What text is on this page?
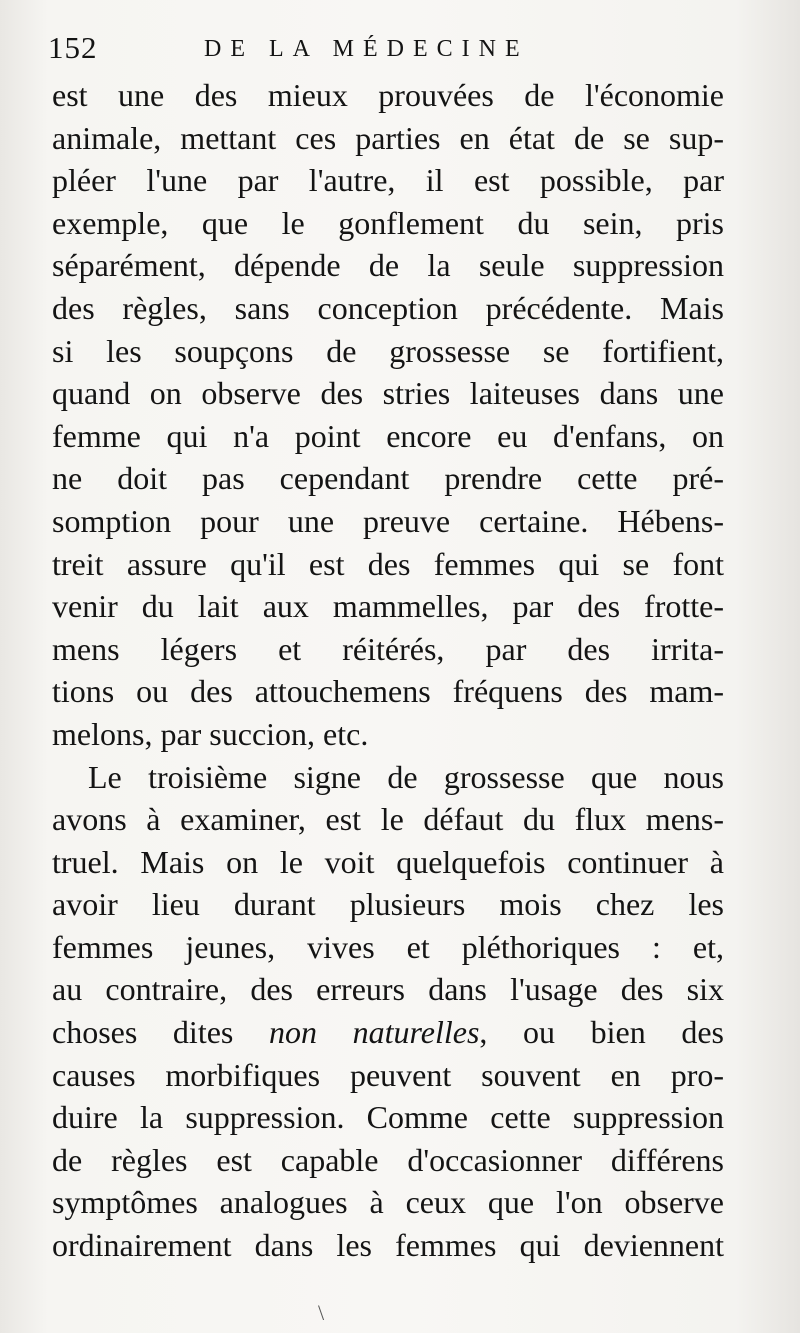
152	DE LA MÉDECINE
est une des mieux prouvées de l'économie
animale, mettant ces parties en état de se sup-
pléer l'une par l'autre, il est possible, par
exemple, que le gonflement du sein, pris
séparément, dépende de la seule suppression
des règles, sans conception précédente. Mais
si les soupçons de grossesse se fortifient,
quand on observe des stries laiteuses dans une
femme qui n'a point encore eu d'enfans, on
ne doit pas cependant prendre cette pré-
somption pour une preuve certaine. Hébens-
treit assure qu'il est des femmes qui se font
venir du lait aux mammelles, par des frotte-
mens légers et réitérés, par des irrita-
tions ou des attouchemens fréquens des mam-
melons, par succion, etc.
Le troisième signe de grossesse que nous
avons à examiner, est le défaut du flux mens-
truel. Mais on le voit quelquefois continuer à
avoir lieu durant plusieurs mois chez les
femmes jeunes, vives et pléthoriques : et,
au contraire, des erreurs dans l'usage des six
choses dites non naturelles, ou bien des
causes morbifiques peuvent souvent en pro-
duire la suppression. Comme cette suppression
de règles est capable d'occasionner différens
symptômes analogues à ceux que l'on observe
ordinairement dans les femmes qui deviennent
\
